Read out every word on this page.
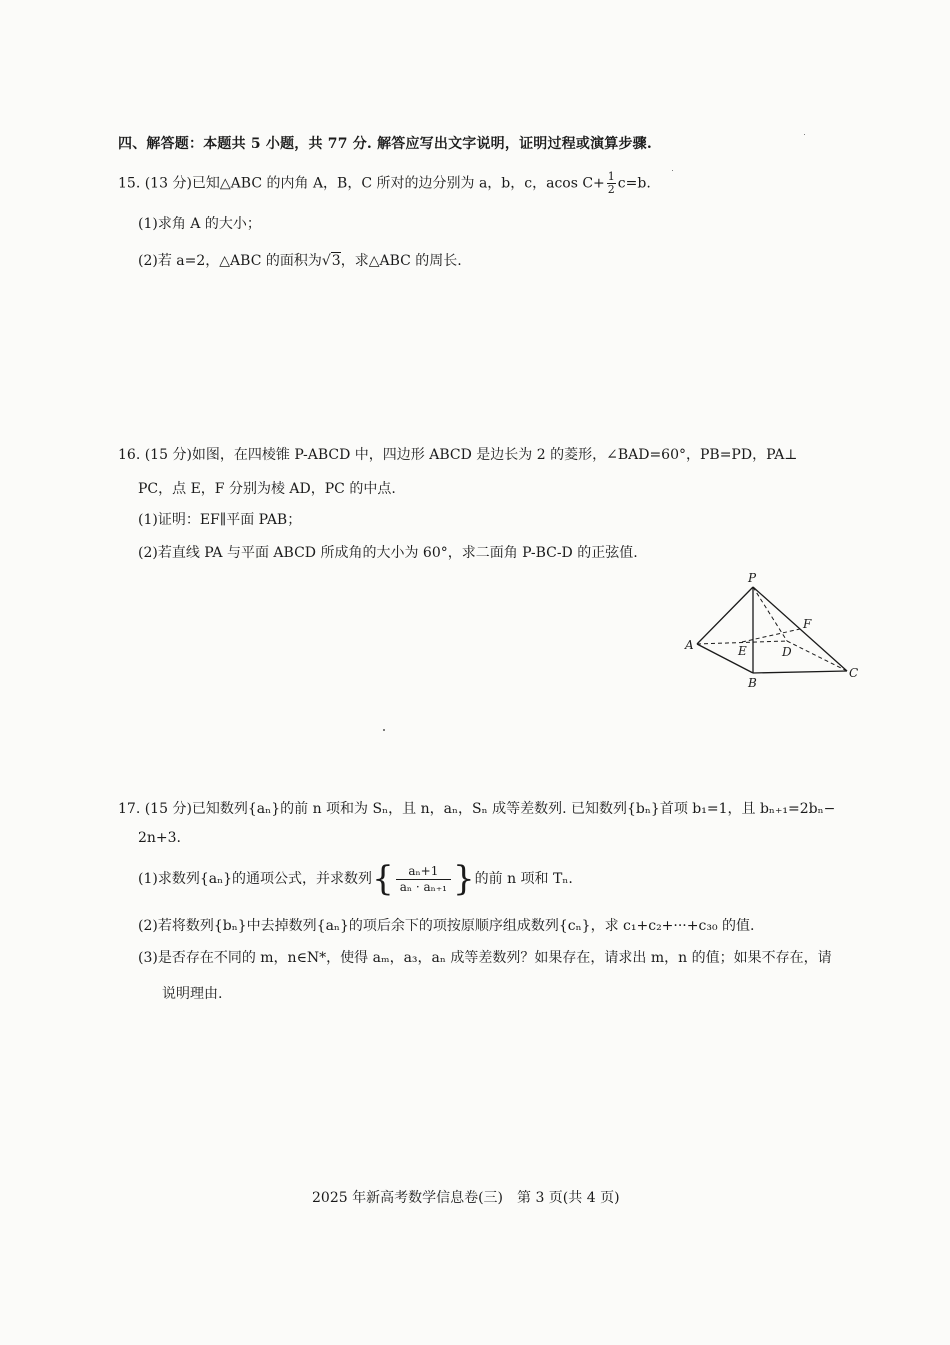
四、解答题：本题共 5 小题，共 77 分. 解答应写出文字说明，证明过程或演算步骤.
15. (13 分)已知△ABC 的内角 A，B，C 所对的边分别为 a，b，c，acos $C+ \frac{1}{2} c=b$.
(1)求角 A 的大小；
(2)若 a=2，△ABC 的面积为√3，求△ABC 的周长.
16. (15 分)如图，在四棱锥 P-ABCD 中，四边形 ABCD 是边长为 2 的菱形，∠BAD=60°，PB=PD，PA⊥
PC，点 E，F 分别为棱 AD，PC 的中点.
(1)证明：EF∥平面 PAB；
(2)若直线 PA 与平面 ABCD 所成角的大小为 60°，求二面角 P-BC-D 的正弦值.
P
A
B
C
D
E
F
17. (15 分)已知数列{aₙ}的前 n 项和为 Sₙ，且 n，aₙ，Sₙ 成等差数列. 已知数列{bₙ}首项 b₁=1，且 bₙ₊₁=2bₙ−
2n+3.
(1)求数列{aₙ}的通项公式，并求数列{ $\frac{\text{aₙ+1}}{\text{aₙ · aₙ₊₁}}$ }的前 n 项和 Tₙ.
(2)若将数列{bₙ}中去掉数列{aₙ}的项后余下的项按原顺序组成数列{cₙ}，求 c₁+c₂+···+c₃₀ 的值.
(3)是否存在不同的 m，n∈N*，使得 aₘ，a₃，aₙ 成等差数列？如果存在，请求出 m，n 的值；如果不存在，请
说明理由.
2025 年新高考数学信息卷(三)　第 3 页(共 4 页)
